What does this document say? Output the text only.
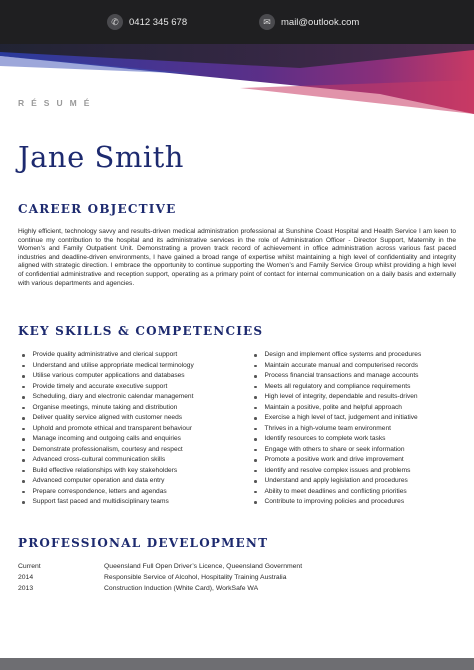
✆	0412 345 678	✉	mail@outlook.com
RÉSUMÉ
Jane Smith
CAREER OBJECTIVE

Highly efficient, technology savvy and results-driven medical administration professional at Sunshine Coast Hospital and Health Service I am keen to continue my contribution to the hospital and its administrative services in the role of Administration Officer - Director Support, Maternity in the Women’s and Family Outpatient Unit. Demonstrating a proven track record of achievement in office administration across various fast paced industries and deadline-driven environments, I have gained a broad range of expertise whilst maintaining a high level of confidentiality and integrity aligned with strategic direction. I embrace the opportunity to continue supporting the Women’s and Family Service Group whilst providing a high level of confidential administrative and reception support, operating as a primary point of contact for internal communication on a daily basis and externally with various departments and agencies.

KEY SKILLS & COMPETENCIES
Provide quality administrative and clerical support
Understand and utilise appropriate medical terminology
Utilise various computer applications and databases
Provide timely and accurate executive support
Scheduling, diary and electronic calendar management
Organise meetings, minute taking and distribution
Deliver quality service aligned with customer needs
Uphold and promote ethical and transparent behaviour
Manage incoming and outgoing calls and enquiries
Demonstrate professionalism, courtesy and respect
Advanced cross-cultural communication skills
Build effective relationships with key stakeholders
Advanced computer operation and data entry
Prepare correspondence, letters and agendas
Support fast paced and multidisciplinary teams
Design and implement office systems and procedures
Maintain accurate manual and computerised records
Process financial transactions and manage accounts
Meets all regulatory and compliance requirements
High level of integrity, dependable and results-driven
Maintain a positive, polite and helpful approach
Exercise a high level of tact, judgement and initiative
Thrives in a high-volume team environment
Identify resources to complete work tasks
Engage with others to share or seek information
Promote a positive work and drive improvement
Identify and resolve complex issues and problems
Understand and apply legislation and procedures
Ability to meet deadlines and conflicting priorities
Contribute to improving policies and procedures
PROFESSIONAL DEVELOPMENT
Current	Queensland Full Open Driver’s Licence, Queensland Government
2014	Responsible Service of Alcohol, Hospitality Training Australia
2013	Construction Induction (White Card), WorkSafe WA
